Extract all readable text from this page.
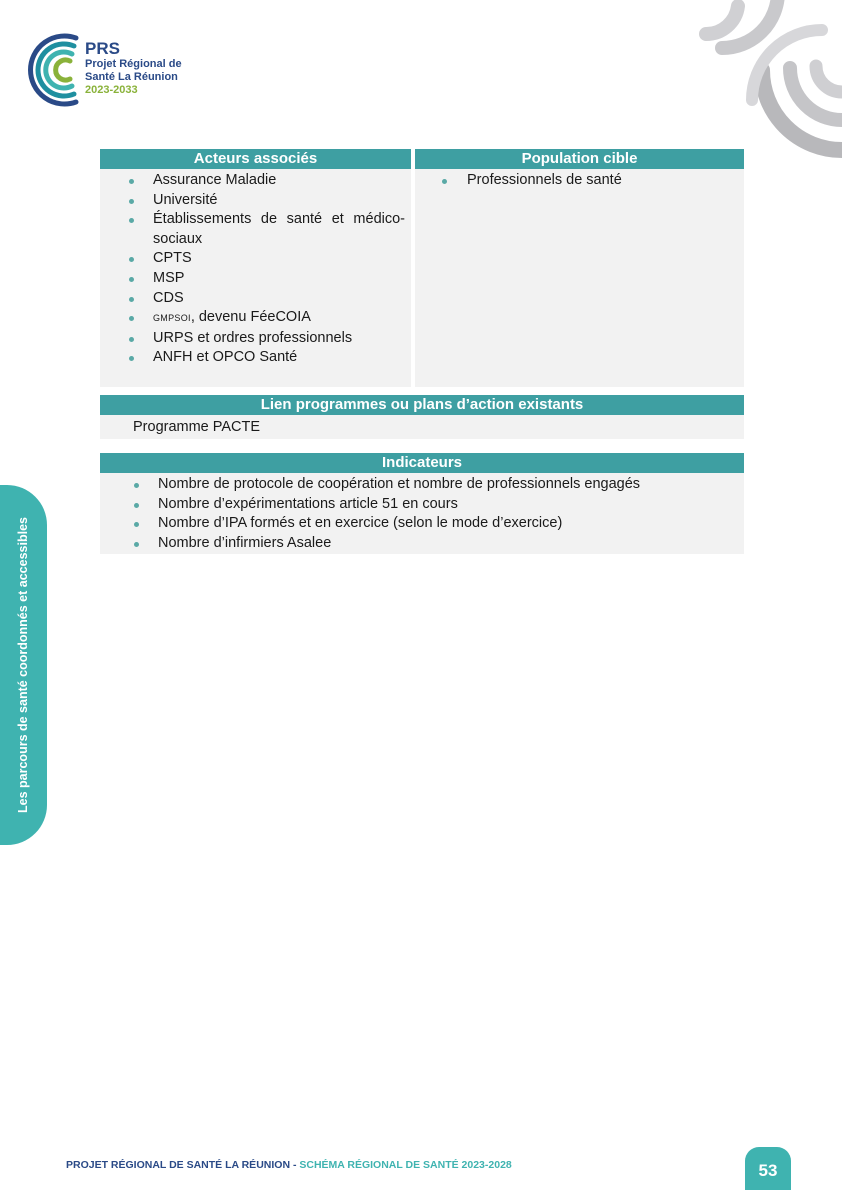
PRS
Projet Régional de
Santé La Réunion
2023-2033
Les parcours de santé coordonnés et accessibles
Acteurs associés
Assurance Maladie
Université
Établissements de santé et médico-sociaux
CPTS
MSP
CDS
GMPSOI, devenu FéeCOIA
URPS et ordres professionnels
ANFH et OPCO Santé
Population cible
Professionnels de santé
Lien programmes ou plans d’action existants
Programme PACTE
Indicateurs
Nombre de protocole de coopération et nombre de professionnels engagés
Nombre d’expérimentations article 51 en cours
Nombre d’IPA formés et en exercice (selon le mode d’exercice)
Nombre d’infirmiers Asalee
PROJET RÉGIONAL DE SANTÉ LA RÉUNION - SCHÉMA RÉGIONAL DE SANTÉ 2023-2028	53
